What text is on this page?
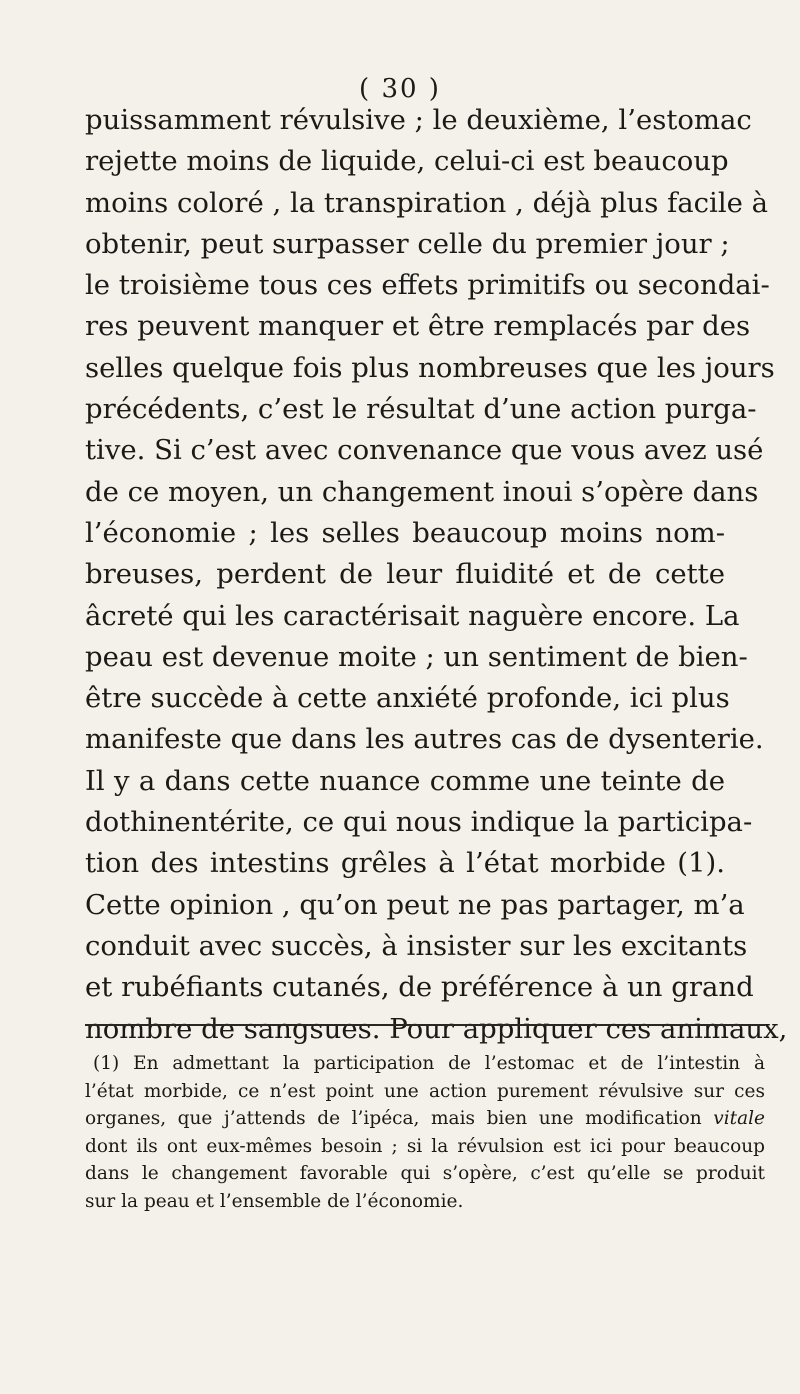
( 30 )
puissamment révulsive ; le deuxième, l’estomac
rejette moins de liquide, celui-ci est beaucoup
moins coloré , la transpiration , déjà plus facile à
obtenir, peut surpasser celle du premier jour ;
le troisième tous ces effets primitifs ou secondai-
res peuvent manquer et être remplacés par des
selles quelque fois plus nombreuses que les jours
précédents, c’est le résultat d’une action purga-
tive. Si c’est avec convenance que vous avez usé
de ce moyen, un changement inoui s’opère dans
l’économie ; les selles beaucoup moins nom-
breuses, perdent de leur fluidité et de cette
âcreté qui les caractérisait naguère encore. La
peau est devenue moite ; un sentiment de bien-
être succède à cette anxiété profonde, ici plus
manifeste que dans les autres cas de dysenterie.
Il y a dans cette nuance comme une teinte de
dothinentérite, ce qui nous indique la participa-
tion des intestins grêles à l’état morbide (1).
Cette opinion , qu’on peut ne pas partager, m’a
conduit avec succès, à insister sur les excitants
et rubéfiants cutanés, de préférence à un grand
nombre de sangsues. Pour appliquer ces animaux,
(1) En admettant la participation de l’estomac et de l’intestin à
l’état morbide, ce n’est point une action purement révulsive sur ces
organes, que j’attends de l’ipéca, mais bien une modification vitale
dont ils ont eux-mêmes besoin ; si la révulsion est ici pour beaucoup
dans le changement favorable qui s’opère, c’est qu’elle se produit
sur la peau et l’ensemble de l’économie.
